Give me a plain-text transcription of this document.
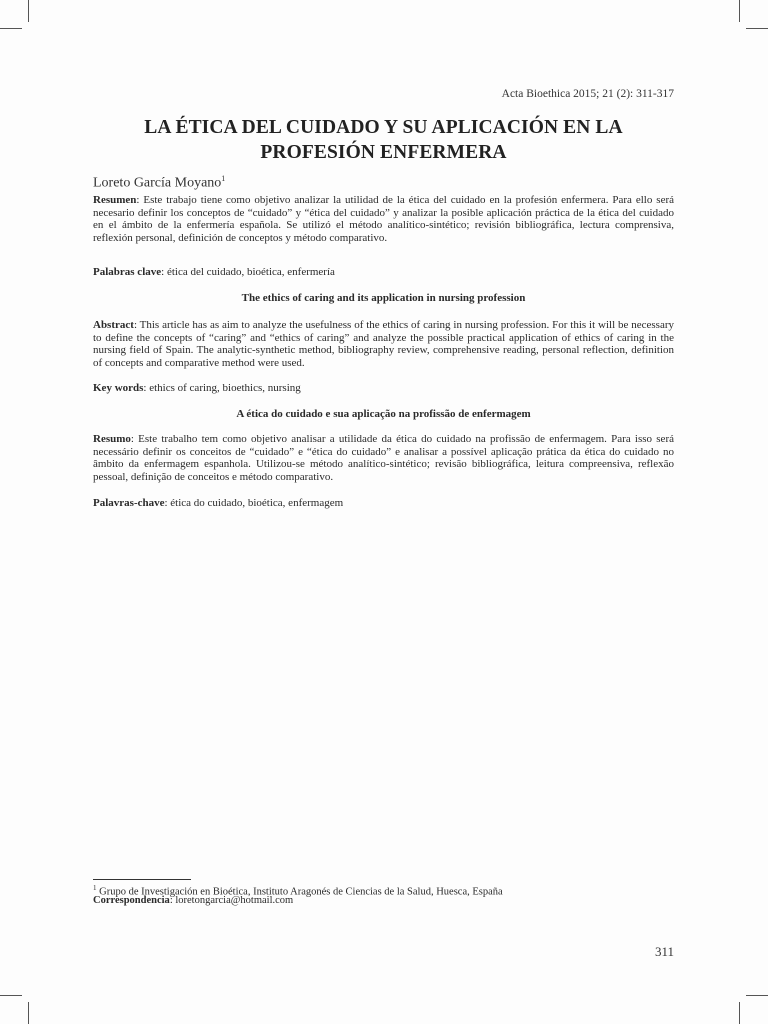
Acta Bioethica 2015; 21 (2): 311-317
LA ÉTICA DEL CUIDADO Y SU APLICACIÓN EN LA
PROFESIÓN ENFERMERA
Loreto García Moyano$^1$
Resumen: Este trabajo tiene como objetivo analizar la utilidad de la ética del cuidado en la profesión enfermera. Para ello será necesario definir los conceptos de “cuidado” y “ética del cuidado” y analizar la posible aplicación práctica de la ética del cuidado en el ámbito de la enfermería española. Se utilizó el método analítico-sintético; revisión bibliográfica, lectura comprensiva, reflexión personal, definición de conceptos y método comparativo.
Palabras clave: ética del cuidado, bioética, enfermería
The ethics of caring and its application in nursing profession
Abstract: This article has as aim to analyze the usefulness of the ethics of caring in nursing profession. For this it will be necessary to define the concepts of “caring” and “ethics of caring” and analyze the possible practical application of ethics of caring in the nursing field of Spain. The analytic-synthetic method, bibliography review, comprehensive reading, personal reflection, definition of concepts and comparative method were used.
Key words: ethics of caring, bioethics, nursing
A ética do cuidado e sua aplicação na profissão de enfermagem
Resumo: Este trabalho tem como objetivo analisar a utilidade da ética do cuidado na profissão de enfermagem. Para isso será necessário definir os conceitos de “cuidado” e “ética do cuidado” e analisar a possível aplicação prática da ética do cuidado no âmbito da enfermagem espanhola. Utilizou-se método analítico-sintético; revisão bibliográfica, leitura compreensiva, reflexão pessoal, definição de conceitos e método comparativo.
Palavras-chave: ética do cuidado, bioética, enfermagem
$^1$ Grupo de Investigación en Bioética, Instituto Aragonés de Ciencias de la Salud, Huesca, España
Correspondencia: loretongarcia@hotmail.com
311
